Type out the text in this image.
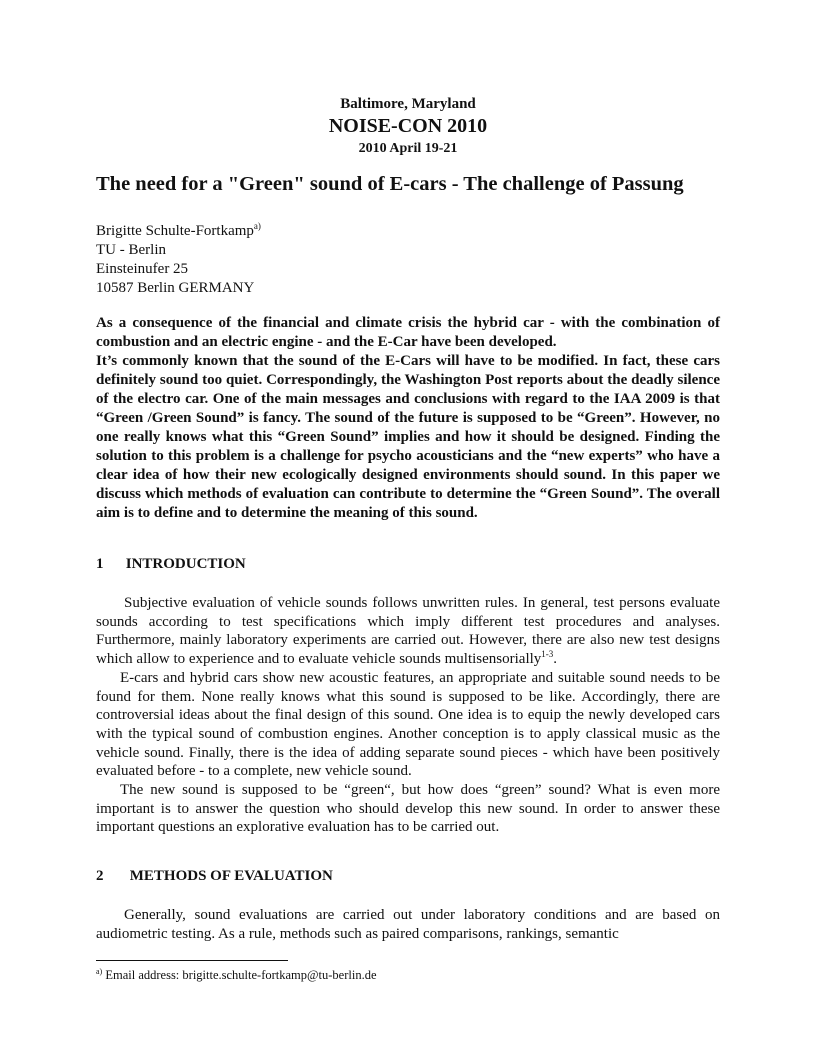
Baltimore, Maryland
NOISE-CON 2010
2010 April 19-21
The need for a "Green" sound of E-cars - The challenge of Passung
Brigitte Schulte-Fortkamp$^{a)}$
TU - Berlin
Einsteinufer 25
10587 Berlin GERMANY

As a consequence of the financial and climate crisis the hybrid car - with the combination of combustion and an electric engine - and the E-Car have been developed.

It’s commonly known that the sound of the E-Cars will have to be modified. In fact, these cars definitely sound too quiet. Correspondingly, the Washington Post reports about the deadly silence of the electro car. One of the main messages and conclusions with regard to the IAA 2009 is that “Green /Green Sound” is fancy. The sound of the future is supposed to be “Green”. However, no one really knows what this “Green Sound” implies and how it should be designed. Finding the solution to this problem is a challenge for psycho acousticians and the “new experts” who have a clear idea of how their new ecologically designed environments should sound. In this paper we discuss which methods of evaluation can contribute to determine the “Green Sound”. The overall aim is to define and to determine the meaning of this sound.

1 INTRODUCTION

Subjective evaluation of vehicle sounds follows unwritten rules. In general, test persons evaluate sounds according to test specifications which imply different test procedures and analyses. Furthermore, mainly laboratory experiments are carried out. However, there are also new test designs which allow to experience and to evaluate vehicle sounds multisensorially$^{1-3}$.

E-cars and hybrid cars show new acoustic features, an appropriate and suitable sound needs to be found for them. None really knows what this sound is supposed to be like. Accordingly, there are controversial ideas about the final design of this sound. One idea is to equip the newly developed cars with the typical sound of combustion engines. Another conception is to apply classical music as the vehicle sound. Finally, there is the idea of adding separate sound pieces - which have been positively evaluated before - to a complete, new vehicle sound.

The new sound is supposed to be “green“, but how does “green” sound? What is even more important is to answer the question who should develop this new sound. In order to answer these important questions an explorative evaluation has to be carried out.

2 METHODS OF EVALUATION

Generally, sound evaluations are carried out under laboratory conditions and are based on audiometric testing. As a rule, methods such as paired comparisons, rankings, semantic

$^{a)}$ Email address: brigitte.schulte-fortkamp@tu-berlin.de
